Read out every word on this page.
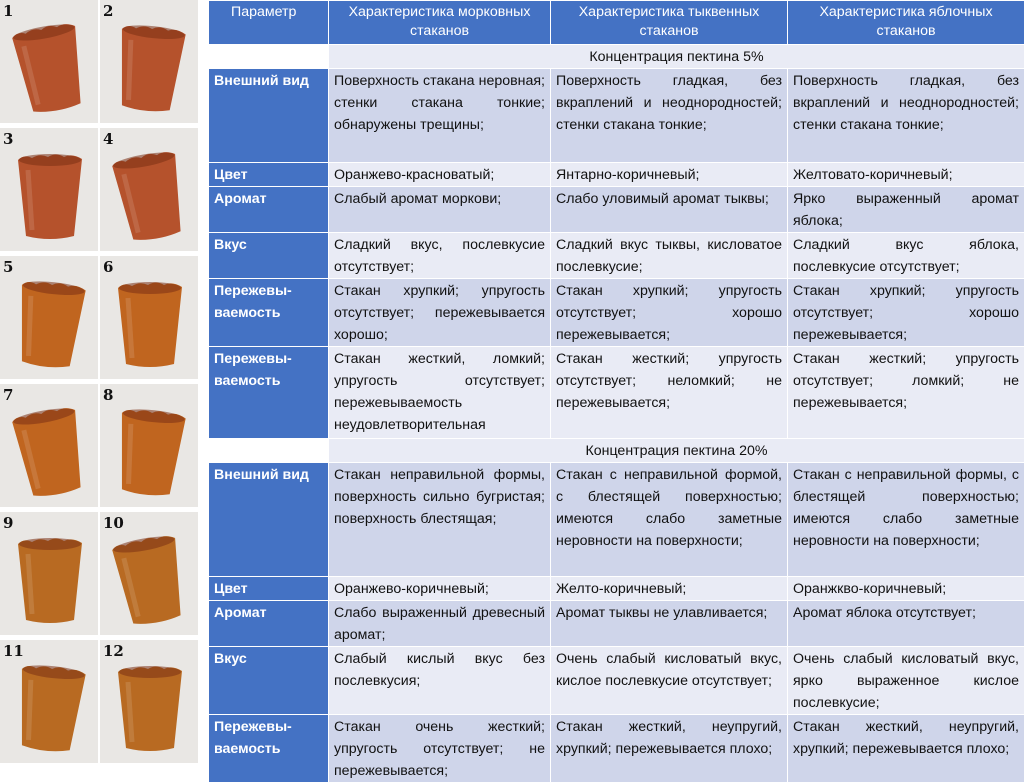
1	2
3	4
5	6
7	8
9	10
11	12
Параметр	Характеристика морковных стаканов	Характеристика тыквенных стаканов	Характеристика яблочных стаканов
	Концентрация пектина 5%		
Внешний вид	Поверхность стакана неровная; стенки стакана тонкие; обнаружены трещины;	Поверхность гладкая, без вкраплений и неоднородностей; стенки стакана тонкие;	Поверхность гладкая, без вкраплений и неоднородностей; стенки стакана тонкие;
Цвет	Оранжево-красноватый;	Янтарно-коричневый;	Желтовато-коричневый;
Аромат	Слабый аромат моркови;	Слабо уловимый аромат тыквы;	Ярко выраженный аромат яблока;
Вкус	Сладкий вкус, послевкусие отсутствует;	Сладкий вкус тыквы, кисловатое послевкусие;	Сладкий вкус яблока, послевкусие отсутствует;
Пережевы-ваемость	Стакан хрупкий; упругость отсутствует; пережевывается хорошо;	Стакан хрупкий; упругость отсутствует; хорошо пережевывается;	Стакан хрупкий; упругость отсутствует; хорошо пережевывается;
Пережевы-ваемость	Стакан жесткий, ломкий; упругость отсутствует; пережевываемость неудовлетворительная	Стакан жесткий; упругость отсутствует; неломкий; не пережевывается;	Стакан жесткий; упругость отсутствует; ломкий; не пережевывается;
	Концентрация пектина 20%		
Внешний вид	Стакан неправильной формы, поверхность сильно бугристая; поверхность блестящая;	Стакан с неправильной формой, с блестящей поверхностью; имеются слабо заметные неровности на поверхности;	Стакан с неправильной формы, с блестящей поверхностью; имеются слабо заметные неровности на поверхности;
Цвет	Оранжево-коричневый;	Желто-коричневый;	Оранжкво-коричневый;
Аромат	Слабо выраженный древесный аромат;	Аромат тыквы не улавливается;	Аромат яблока отсутствует;
Вкус	Слабый кислый вкус без послевкусия;	Очень слабый кисловатый вкус, кислое послевкусие отсутствует;	Очень слабый кисловатый вкус, ярко выраженное кислое послевкусие;
Пережевы-ваемость	Стакан очень жесткий; упругость отсутствует; не пережевывается;	Стакан жесткий, неупругий, хрупкий; пережевывается плохо;	Стакан жесткий, неупругий, хрупкий; пережевывается плохо;
